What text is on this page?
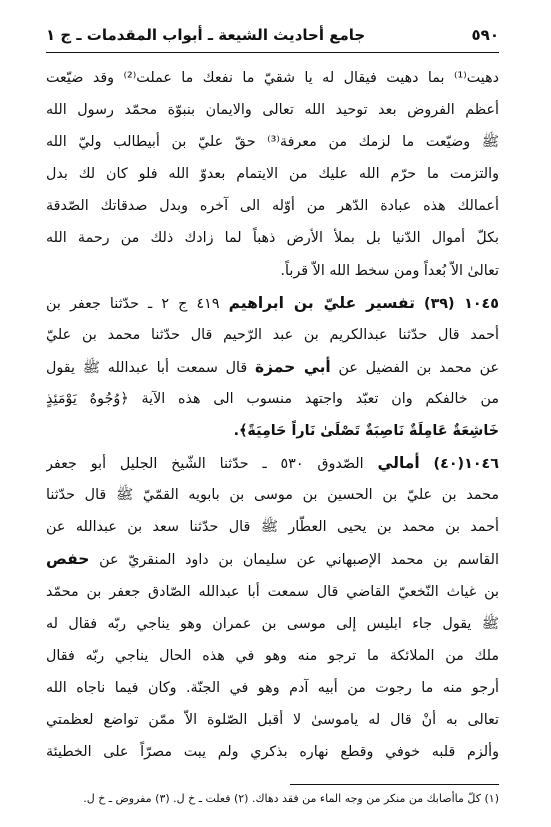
٥٩٠
جامع أحاديث الشيعة ـ أبواب المقدمات ـ ج ١
دهيت⁽¹⁾ بما دهيت فيقال له يا شقيّ ما نفعك ما عملت⁽²⁾ وقد ضيّعت
أعظم الفروض بعد توحيد الله تعالى والايمان بنبوّة محمّد رسول الله
ﷺ وضيّعت ما لزمك من معرفة⁽³⁾ حقّ عليّ بن أبيطالب وليّ الله
والتزمت ما حرّم الله عليك من الايتمام بعدوّ الله فلو كان لك بدل
أعمالك هذه عبادة الدّهر من أوّله الى آخره وبدل صدقاتك الصّدقة
بكلّ أموال الدّنيا بل بملأ الأرض ذهباً لما زادك ذلك من رحمة الله
تعالىٰ الاّ بُعداً ومن سخط الله الاّ قرباً.
١٠٤٥ (٣٩) تفسير عليّ بن ابراهيم ٤١٩ ج ٢ ـ حدّثنا جعفر بن
أحمد قال حدّثنا عبدالكريم بن عبد الرّحيم قال حدّثنا محمد بن عليّ
عن محمد بن الفضيل عن أبي حمزة قال سمعت أبا عبدالله ﷺ يقول
من خالفكم وان تعبّد واجتهد منسوب الى هذه الآية ﴿وُجُوهٌ يَوْمَئِذٍ
خَاشِعَةٌ عَامِلَةٌ نَاصِبَةٌ تَصْلَىٰ نَاراً حَامِيَةً﴾.
١٠٤٦(٤٠) أمالي الصّدوق ٥٣٠ ـ حدّثنا الشّيخ الجليل أبو جعفر
محمد بن عليّ بن الحسين بن موسى بن بابويه القمّيّ ﷺ قال حدّثنا
أحمد بن محمد بن يحيى العطّار ﷺ قال حدّثنا سعد بن عبدالله عن
القاسم بن محمد الإصبهاني عن سليمان بن داود المنقريّ عن حفص
بن غياث النّخعيّ القاضي قال سمعت أبا عبدالله الصّادق جعفر بن محمّد
ﷺ يقول جاء ابليس إلى موسى بن عمران وهو يناجي ربّه فقال له
ملك من الملائكة ما ترجو منه وهو في هذه الحال يناجي ربّه فقال
أرجو منه ما رجوت من أبيه آدم وهو في الجنّة. وكان فيما ناجاه الله
تعالى به أنْ قال له ياموسىٰ لا أقبل الصّلوة الاّ ممّن تواضع لعظمتي
وألزم قلبه خوفي وقطع نهاره بذكري ولم يبت مصرّاً على الخطيئة
(١) كلّ ماأصابك من منكر من وجه الماء من فقد دهاك. (٢) فعلت ـ خ ل. (٣) مفروض ـ خ ل.
